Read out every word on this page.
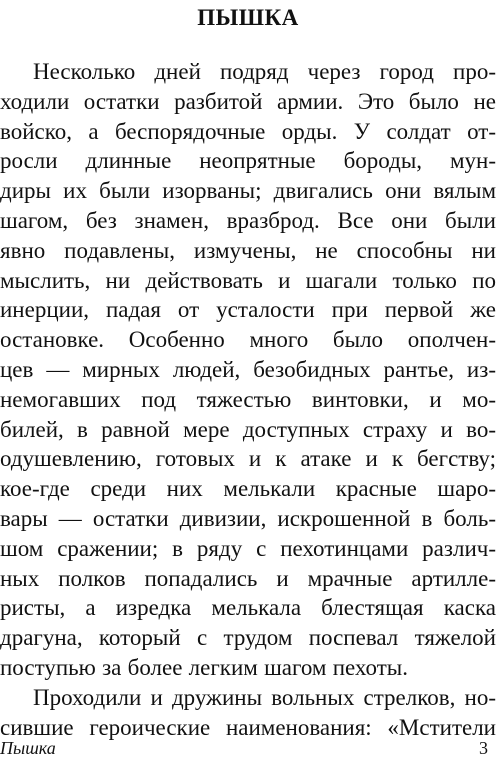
ПЫШКА
Несколько дней подряд через город про-
ходили остатки разбитой армии. Это было не
войско, а беспорядочные орды. У солдат от-
росли длинные неопрятные бороды, мун-
диры их были изорваны; двигались они вялым
шагом, без знамен, вразброд. Все они были
явно подавлены, измучены, не способны ни
мыслить, ни действовать и шагали только по
инерции, падая от усталости при первой же
остановке. Особенно много было ополчен-
цев — мирных людей, безобидных рантье, из-
немогавших под тяжестью винтовки, и мо-
билей, в равной мере доступных страху и во-
одушевлению, готовых и к атаке и к бегству;
кое-где среди них мелькали красные шаро-
вары — остатки дивизии, искрошенной в боль-
шом сражении; в ряду с пехотинцами различ-
ных полков попадались и мрачные артилле-
ристы, а изредка мелькала блестящая каска
драгуна, который с трудом поспевал тяжелой
поступью за более легким шагом пехоты.
Проходили и дружины вольных стрелков, но-
сившие героические наименования: «Мстители
Пышка	3
